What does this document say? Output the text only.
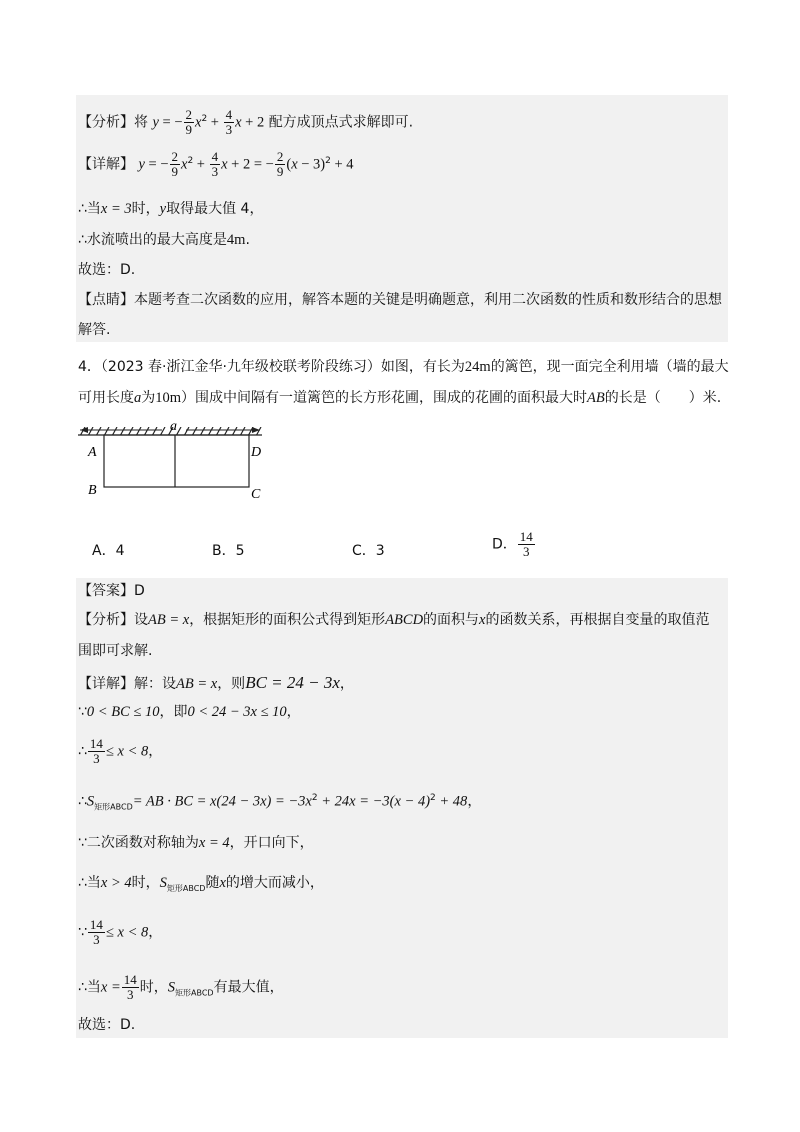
【分析】将 y = − $\frac{2}{9} x^2 + \frac{4}{3}$ x + 2 配方成顶点式求解即可.
【详解】 y = − $\frac{2}{9} x^2 + \frac{4}{3}$ x + 2 = − $\frac{2}{9} (x - 3)^2 + 4$
∴当x = 3时，y取得最大值 4，
∴水流喷出的最大高度是4m.
故选：D.
【点睛】本题考查二次函数的应用，解答本题的关键是明确题意，利用二次函数的性质和数形结合的思想
解答.
4．（2023 春·浙江金华·九年级校联考阶段练习）如图，有长为24m的篱笆，现一面完全利用墙（墙的最大
可用长度a为10m）围成中间隔有一道篱笆的长方形花圃，围成的花圃的面积最大时AB的长是（　　）米.
a
A	D
B	C
A．4	B．5	C．3	D． $\frac{14}{3}$
【答案】D
【分析】设AB = x，根据矩形的面积公式得到矩形ABCD的面积与x的函数关系，再根据自变量的取值范
围即可求解.
【详解】解：设AB = x，则BC = 24 − 3x，
∵0 < BC ≤ 10，即0 < 24 − 3x ≤ 10，
∴ $\frac{14}{3} \le x < 8$，
$\therefore S_{矩形ABCD}=$ AB · BC = $x(24 - 3x) = -3x^2 + 24x = -3(x - 4)^2 + 48$，
∵二次函数对称轴为x = 4，开口向下，
∴当x > 4时，$S_{矩形ABCD}$随x的增大而减小，
∵ $\frac{14}{3} \le x < 8$，
∴当$x = \frac{14}{3}$ 时，$S_{矩形ABCD}$有最大值，
故选：D.
